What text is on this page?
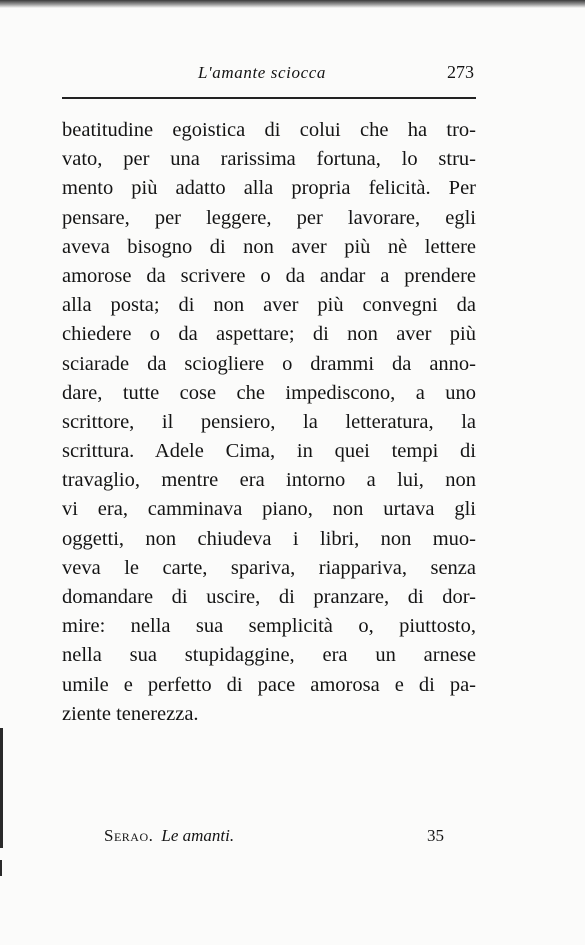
L'amante sciocca	273
beatitudine egoistica di colui che ha tro-
vato, per una rarissima fortuna, lo stru-
mento più adatto alla propria felicità. Per
pensare, per leggere, per lavorare, egli
aveva bisogno di non aver più nè lettere
amorose da scrivere o da andar a prendere
alla posta; di non aver più convegni da
chiedere o da aspettare; di non aver più
sciarade da sciogliere o drammi da anno-
dare, tutte cose che impediscono, a uno
scrittore, il pensiero, la letteratura, la
scrittura. Adele Cima, in quei tempi di
travaglio, mentre era intorno a lui, non
vi era, camminava piano, non urtava gli
oggetti, non chiudeva i libri, non muo-
veva le carte, spariva, riappariva, senza
domandare di uscire, di pranzare, di dor-
mire: nella sua semplicità o, piuttosto,
nella sua stupidaggine, era un arnese
umile e perfetto di pace amorosa e di pa-
ziente tenerezza.
Serao. Le amanti.	35
